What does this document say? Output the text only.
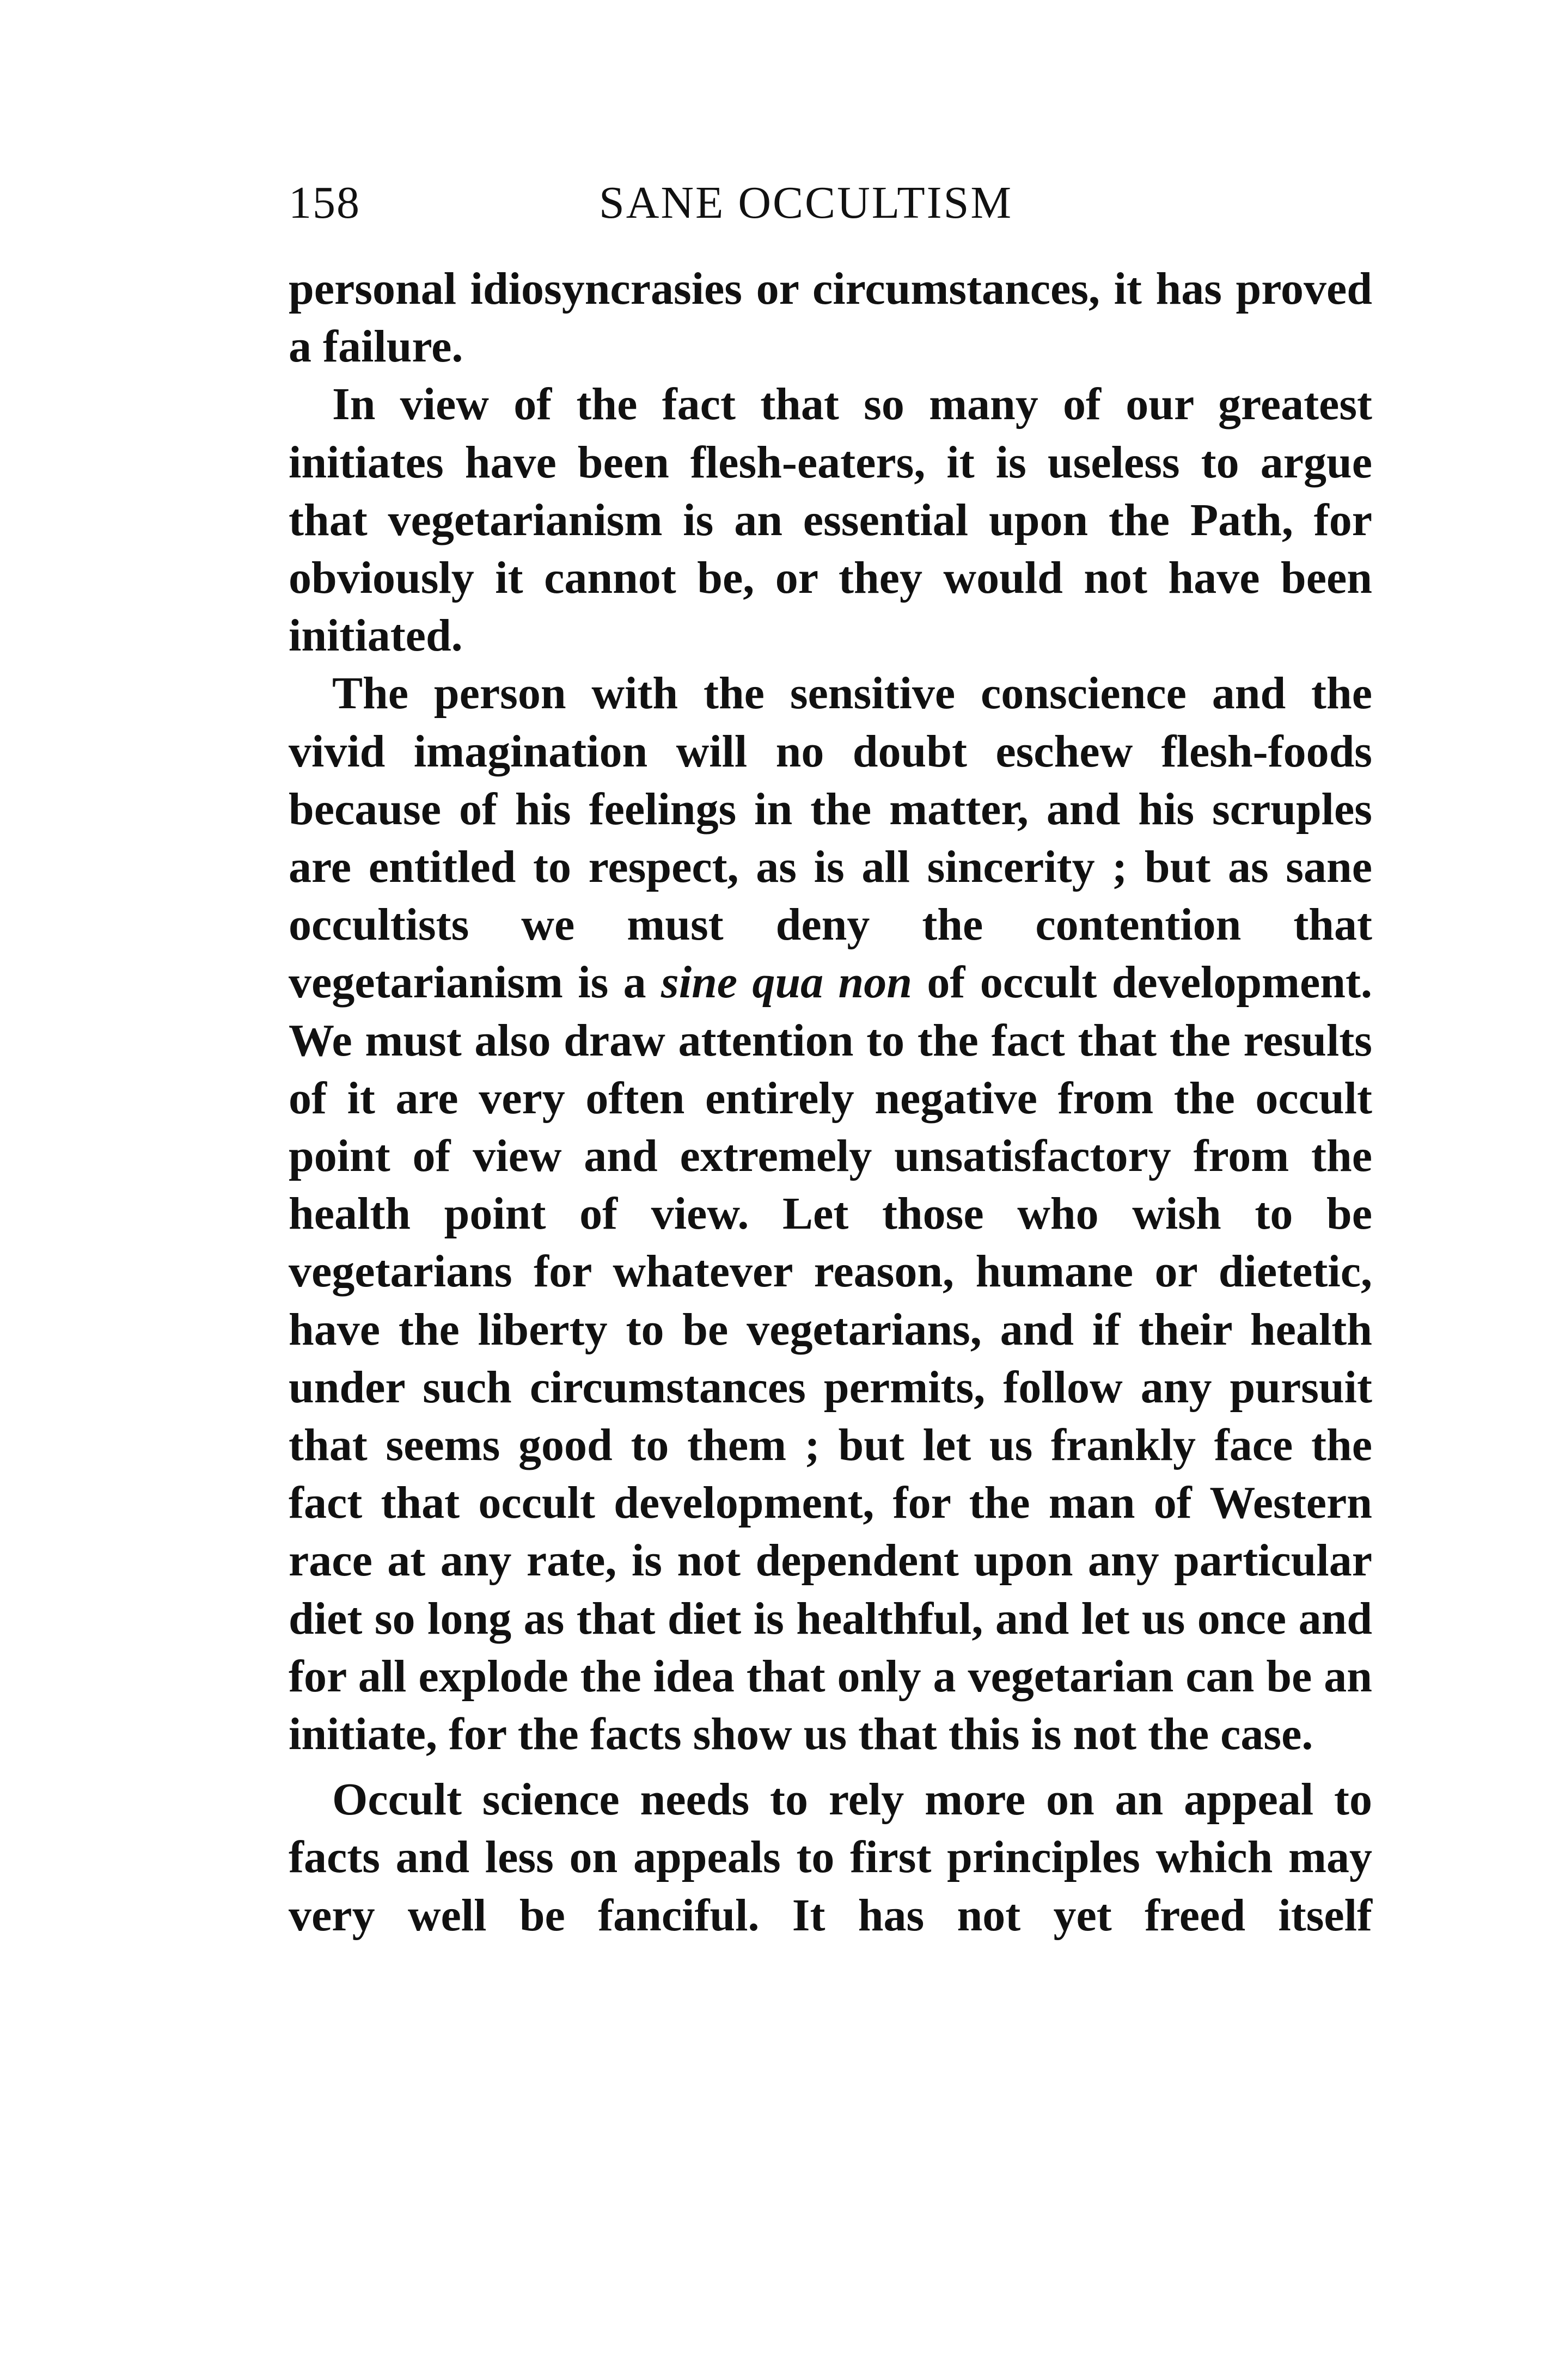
158	SANE OCCULTISM

personal idiosyncrasies or circumstances, it has proved a failure.

In view of the fact that so many of our greatest initiates have been flesh-eaters, it is useless to argue that vegetarianism is an essential upon the Path, for obviously it cannot be, or they would not have been initiated.

The person with the sensitive conscience and the vivid imagination will no doubt eschew flesh-foods because of his feelings in the matter, and his scruples are entitled to respect, as is all sincerity ; but as sane occultists we must deny the contention that vegetarianism is a sine qua non of occult development. We must also draw attention to the fact that the results of it are very often entirely negative from the occult point of view and extremely unsatisfactory from the health point of view. Let those who wish to be vegetarians for whatever reason, humane or dietetic, have the liberty to be vegetarians, and if their health under such circumstances permits, follow any pursuit that seems good to them ; but let us frankly face the fact that occult development, for the man of Western race at any rate, is not dependent upon any particular diet so long as that diet is healthful, and let us once and for all explode the idea that only a vegetarian can be an initiate, for the facts show us that this is not the case.

Occult science needs to rely more on an appeal to facts and less on appeals to first principles which may very well be fanciful. It has not yet freed itself
